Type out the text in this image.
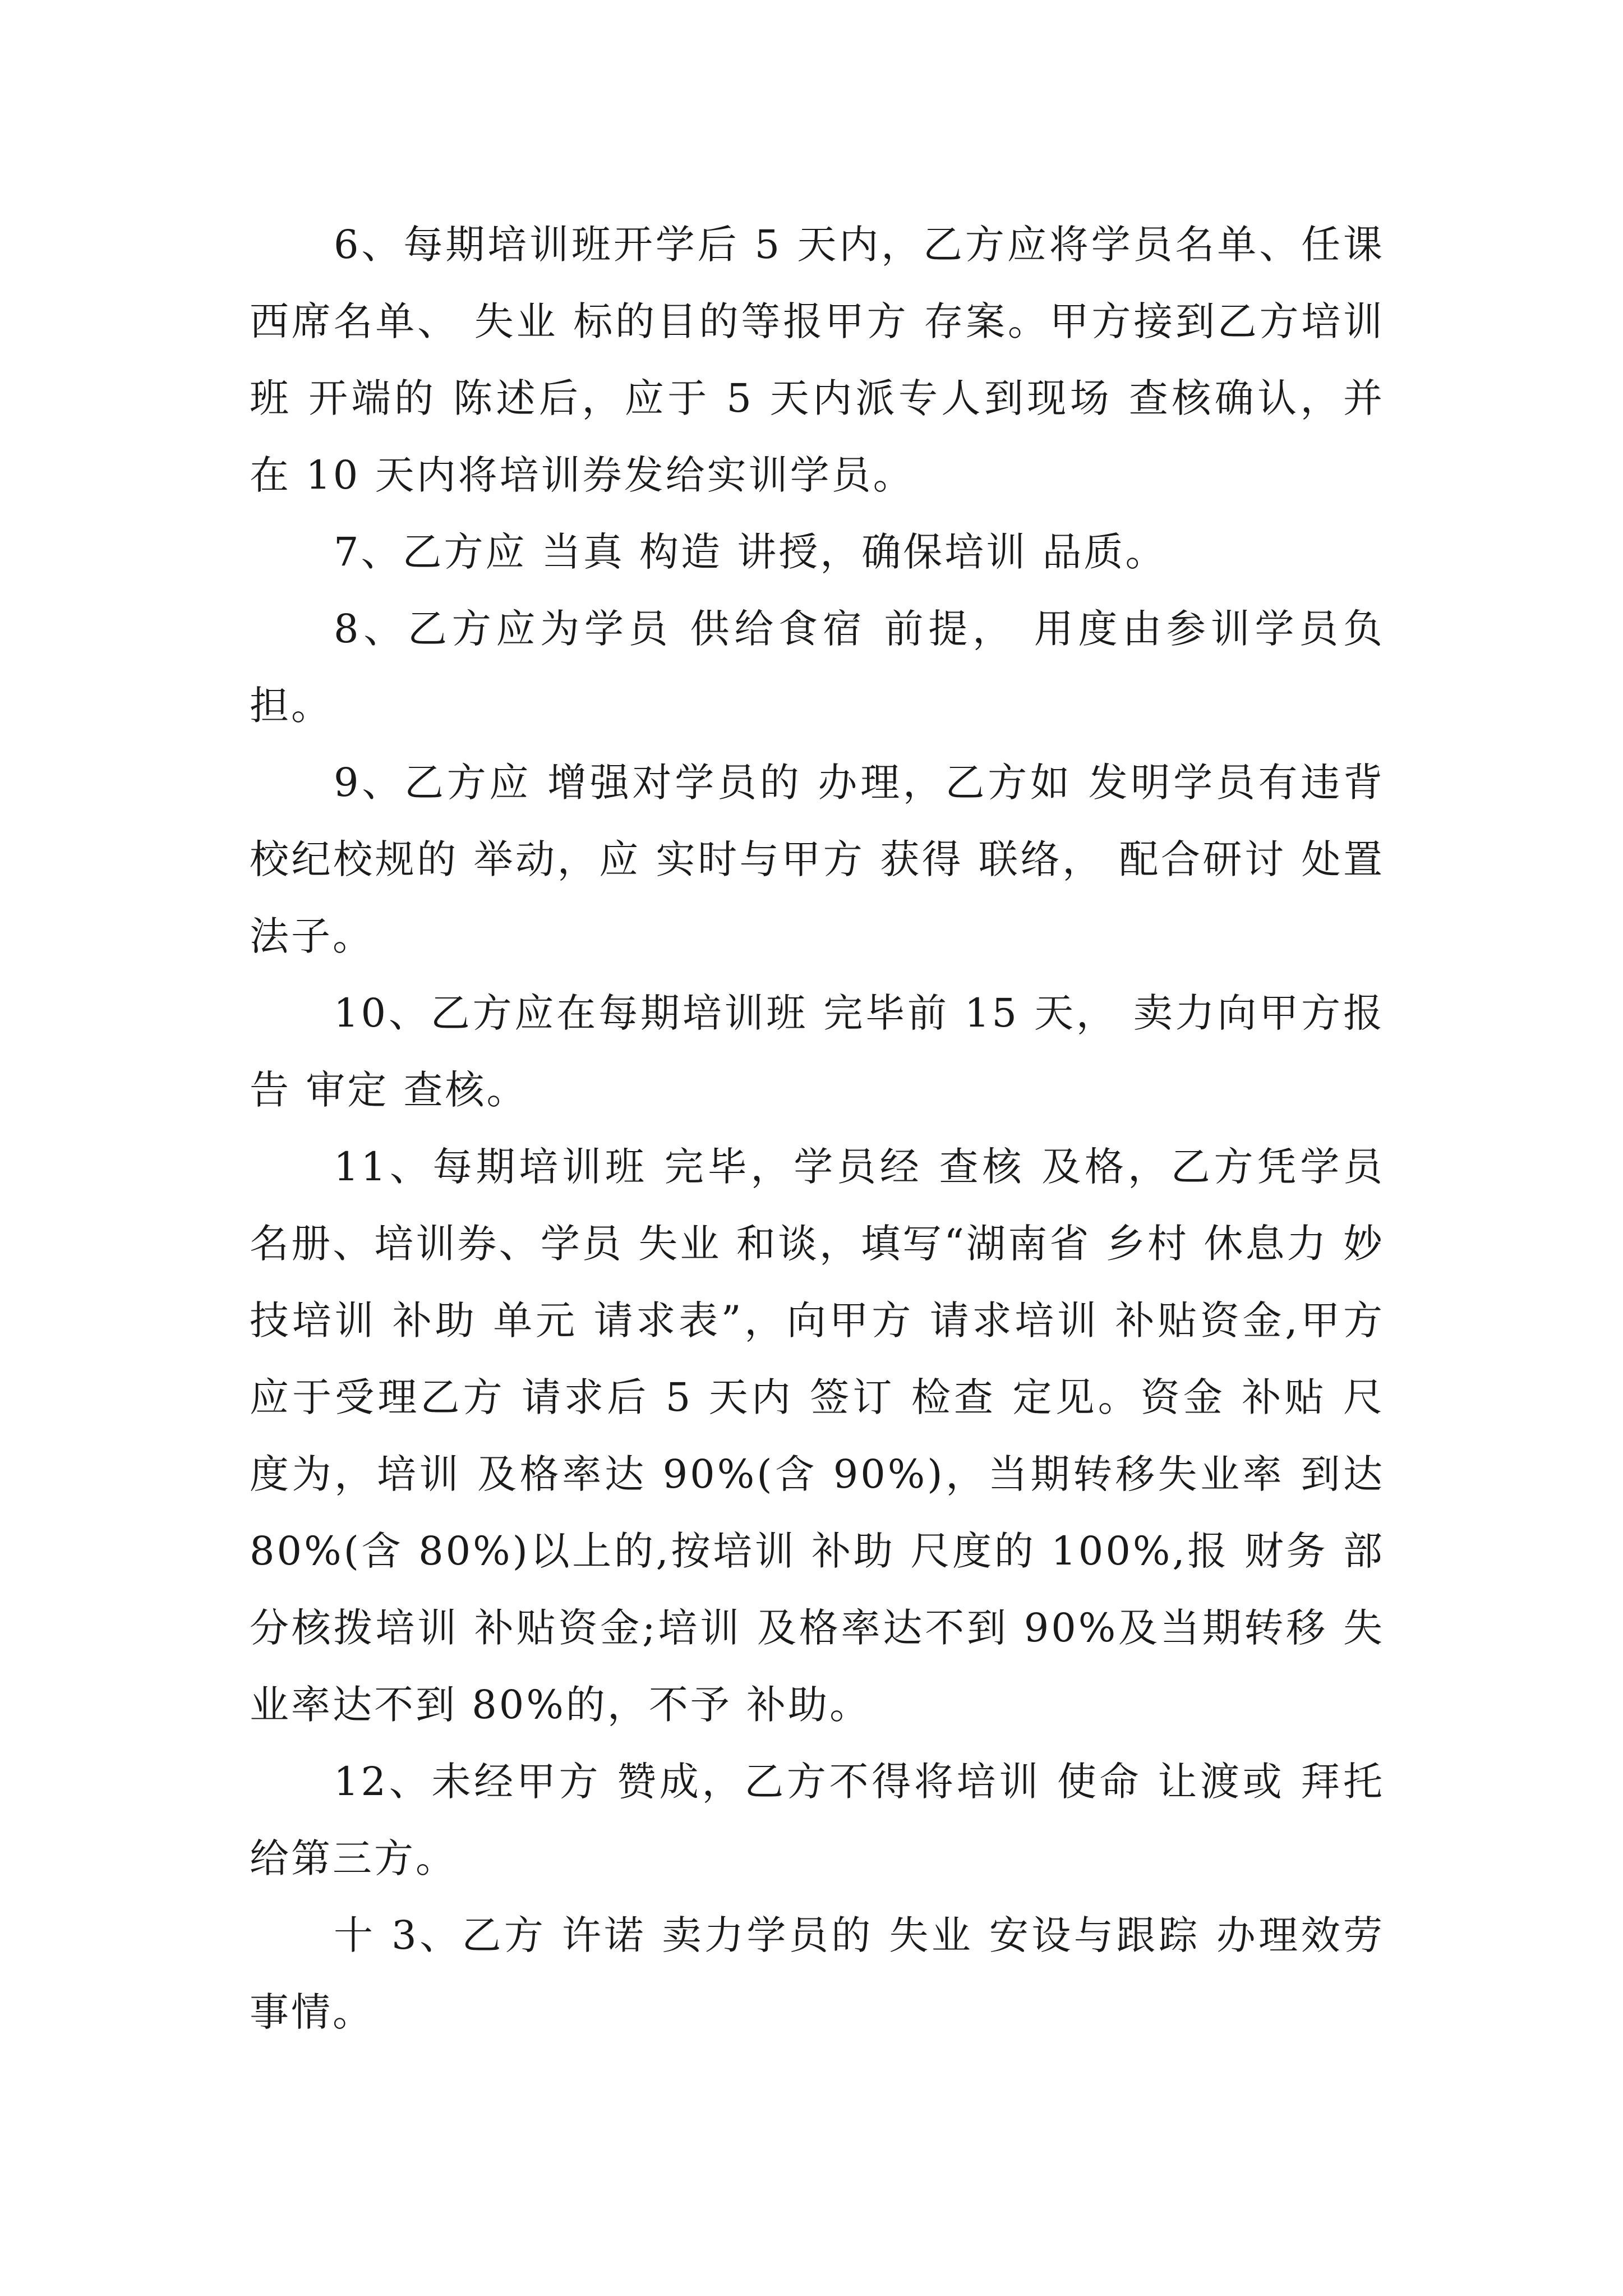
6、每期培训班开学后 5 天内，乙方应将学员名单、任课 西席名单、 失业 标的目的等报甲方 存案。甲方接到乙方培训班 开端的 陈述后，应于 5 天内派专人到现场 查核确认，并在 10 天内将培训券发给实训学员。

7、乙方应 当真 构造 讲授，确保培训 品质。

8、乙方应为学员 供给食宿 前提， 用度由参训学员负担。

9、乙方应 增强对学员的 办理，乙方如 发明学员有违背校纪校规的 举动，应 实时与甲方 获得 联络， 配合研讨 处置 法子。

10、乙方应在每期培训班 完毕前 15 天， 卖力向甲方报告 审定 查核。

11、每期培训班 完毕，学员经 查核 及格，乙方凭学员名册、培训券、学员 失业 和谈，填写“湖南省 乡村 休息力 妙技培训 补助 单元 请求表”，向甲方 请求培训 补贴资金,甲方应于受理乙方 请求后 5 天内 签订 检查 定见。资金 补贴 尺度为，培训 及格率达 90%(含 90%)，当期转移失业率 到达 80%(含 80%)以上的,按培训 补助 尺度的 100%,报 财务 部分核拨培训 补贴资金;培训 及格率达不到 90%及当期转移 失业率达不到 80%的，不予 补助。

12、未经甲方 赞成，乙方不得将培训 使命 让渡或 拜托给第三方。

十 3、乙方 许诺 卖力学员的 失业 安设与跟踪 办理效劳 事情。
